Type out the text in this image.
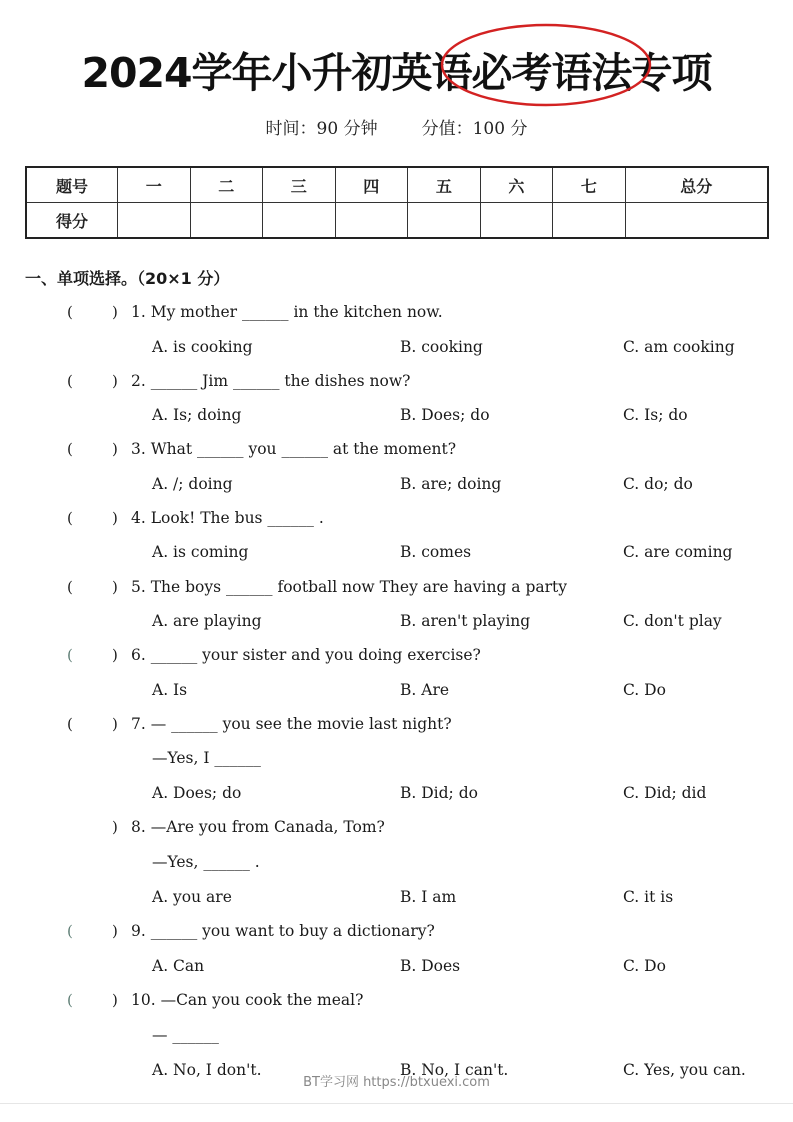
2024学年小升初英语必考语法专项
时间：90 分钟	分值：100 分
题号	一	二	三	四	五	六	七	总分
得分								
一、单项选择。（20×1 分）
(	) 1. My mother ______ in the kitchen now.
A. is cooking	B. cooking	C. am cooking
(	) 2. ______ Jim ______ the dishes now?
A. Is; doing	B. Does; do	C. Is; do
(	) 3. What ______ you ______ at the moment?
A. /; doing	B. are; doing	C. do; do
(	) 4. Look! The bus ______ .
A. is coming	B. comes	C. are coming
(	) 5. The boys ______ football now They are having a party
A. are playing	B. aren't playing	C. don't play
(	) 6. ______ your sister and you doing exercise?
A. Is	B. Are	C. Do
(	) 7. — ______ you see the movie last night?
—Yes, I ______
A. Does; do	B. Did; do	C. Did; did
) 8. —Are you from Canada, Tom?
—Yes, ______ .
A. you are	B. I am	C. it is
(	) 9. ______ you want to buy a dictionary?
A. Can	B. Does	C. Do
(	) 10. —Can you cook the meal?
— ______
A. No, I don't.	B. No, I can't.	C. Yes, you can.
BT学习网 https://btxuexi.com
